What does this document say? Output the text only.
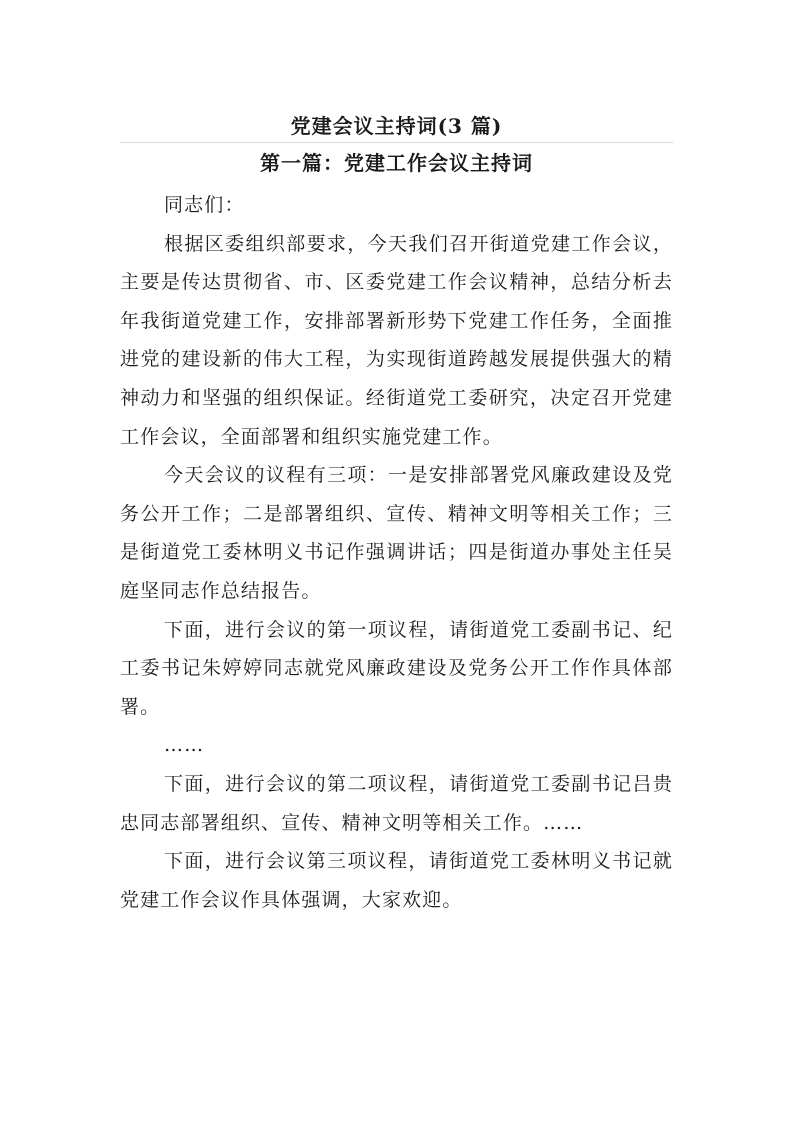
党建会议主持词(3 篇)
第一篇：党建工作会议主持词

同志们：

根据区委组织部要求，今天我们召开街道党建工作会议，主要是传达贯彻省、市、区委党建工作会议精神，总结分析去年我街道党建工作，安排部署新形势下党建工作任务，全面推进党的建设新的伟大工程，为实现街道跨越发展提供强大的精神动力和坚强的组织保证。经街道党工委研究，决定召开党建工作会议，全面部署和组织实施党建工作。

今天会议的议程有三项：一是安排部署党风廉政建设及党务公开工作；二是部署组织、宣传、精神文明等相关工作；三是街道党工委林明义书记作强调讲话；四是街道办事处主任吴庭坚同志作总结报告。

下面，进行会议的第一项议程，请街道党工委副书记、纪工委书记朱婷婷同志就党风廉政建设及党务公开工作作具体部署。

……

下面，进行会议的第二项议程，请街道党工委副书记吕贵忠同志部署组织、宣传、精神文明等相关工作。……

下面，进行会议第三项议程，请街道党工委林明义书记就党建工作会议作具体强调，大家欢迎。
